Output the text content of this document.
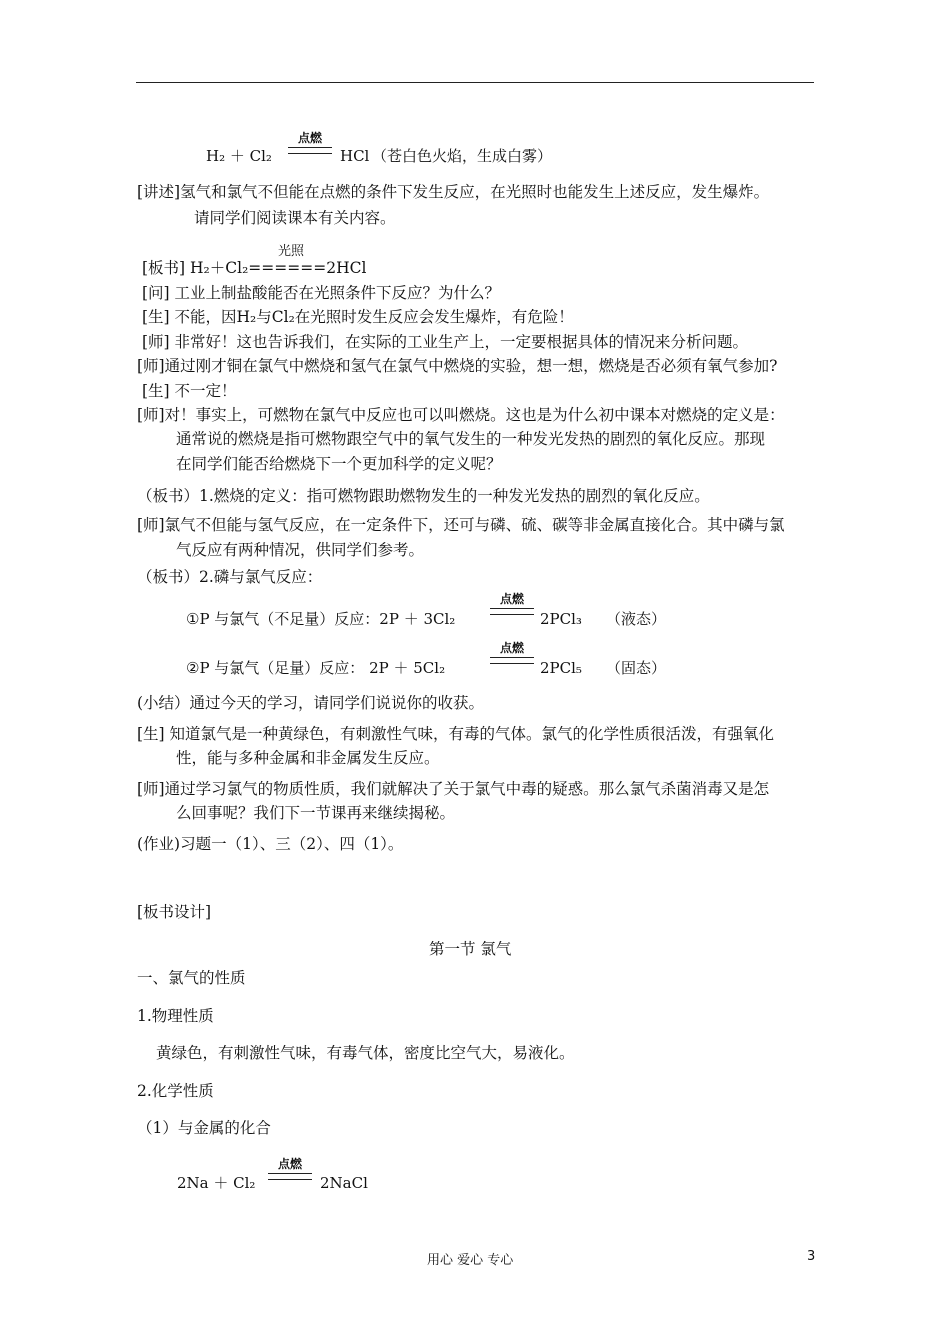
H₂ ＋ Cl₂
点燃
HCl （苍白色火焰，生成白雾）
[讲述]氢气和氯气不但能在点燃的条件下发生反应，在光照时也能发生上述反应，发生爆炸。
请同学们阅读课本有关内容。
光照
[板书] H₂＋Cl₂======2HCl
[问] 工业上制盐酸能否在光照条件下反应？为什么？
[生] 不能，因H₂与Cl₂在光照时发生反应会发生爆炸，有危险！
[师] 非常好！这也告诉我们，在实际的工业生产上，一定要根据具体的情况来分析问题。
[师]通过刚才铜在氯气中燃烧和氢气在氯气中燃烧的实验，想一想，燃烧是否必须有氧气参加?
[生] 不一定！
[师]对！事实上，可燃物在氯气中反应也可以叫燃烧。这也是为什么初中课本对燃烧的定义是：
通常说的燃烧是指可燃物跟空气中的氧气发生的一种发光发热的剧烈的氧化反应。那现
在同学们能否给燃烧下一个更加科学的定义呢？
（板书）1.燃烧的定义：指可燃物跟助燃物发生的一种发光发热的剧烈的氧化反应。
[师]氯气不但能与氢气反应，在一定条件下，还可与磷、硫、碳等非金属直接化合。其中磷与氯
气反应有两种情况，供同学们参考。
（板书）2.磷与氯气反应：
①P 与氯气（不足量）反应：2P ＋ 3Cl₂
点燃
2PCl₃ （液态）
②P 与氯气（足量）反应： 2P ＋ 5Cl₂
点燃
2PCl₅ （固态）
(小结）通过今天的学习，请同学们说说你的收获。
[生] 知道氯气是一种黄绿色，有刺激性气味，有毒的气体。氯气的化学性质很活泼，有强氧化
性，能与多种金属和非金属发生反应。
[师]通过学习氯气的物质性质，我们就解决了关于氯气中毒的疑惑。那么氯气杀菌消毒又是怎
么回事呢？我们下一节课再来继续揭秘。
(作业)习题一（1）、三（2）、四（1）。
[板书设计]
第一节 氯气
一、氯气的性质
1.物理性质
黄绿色，有刺激性气味，有毒气体，密度比空气大，易液化。
2.化学性质
（1）与金属的化合
2Na ＋ Cl₂
点燃
2NaCl
用心 爱心 专心	3
